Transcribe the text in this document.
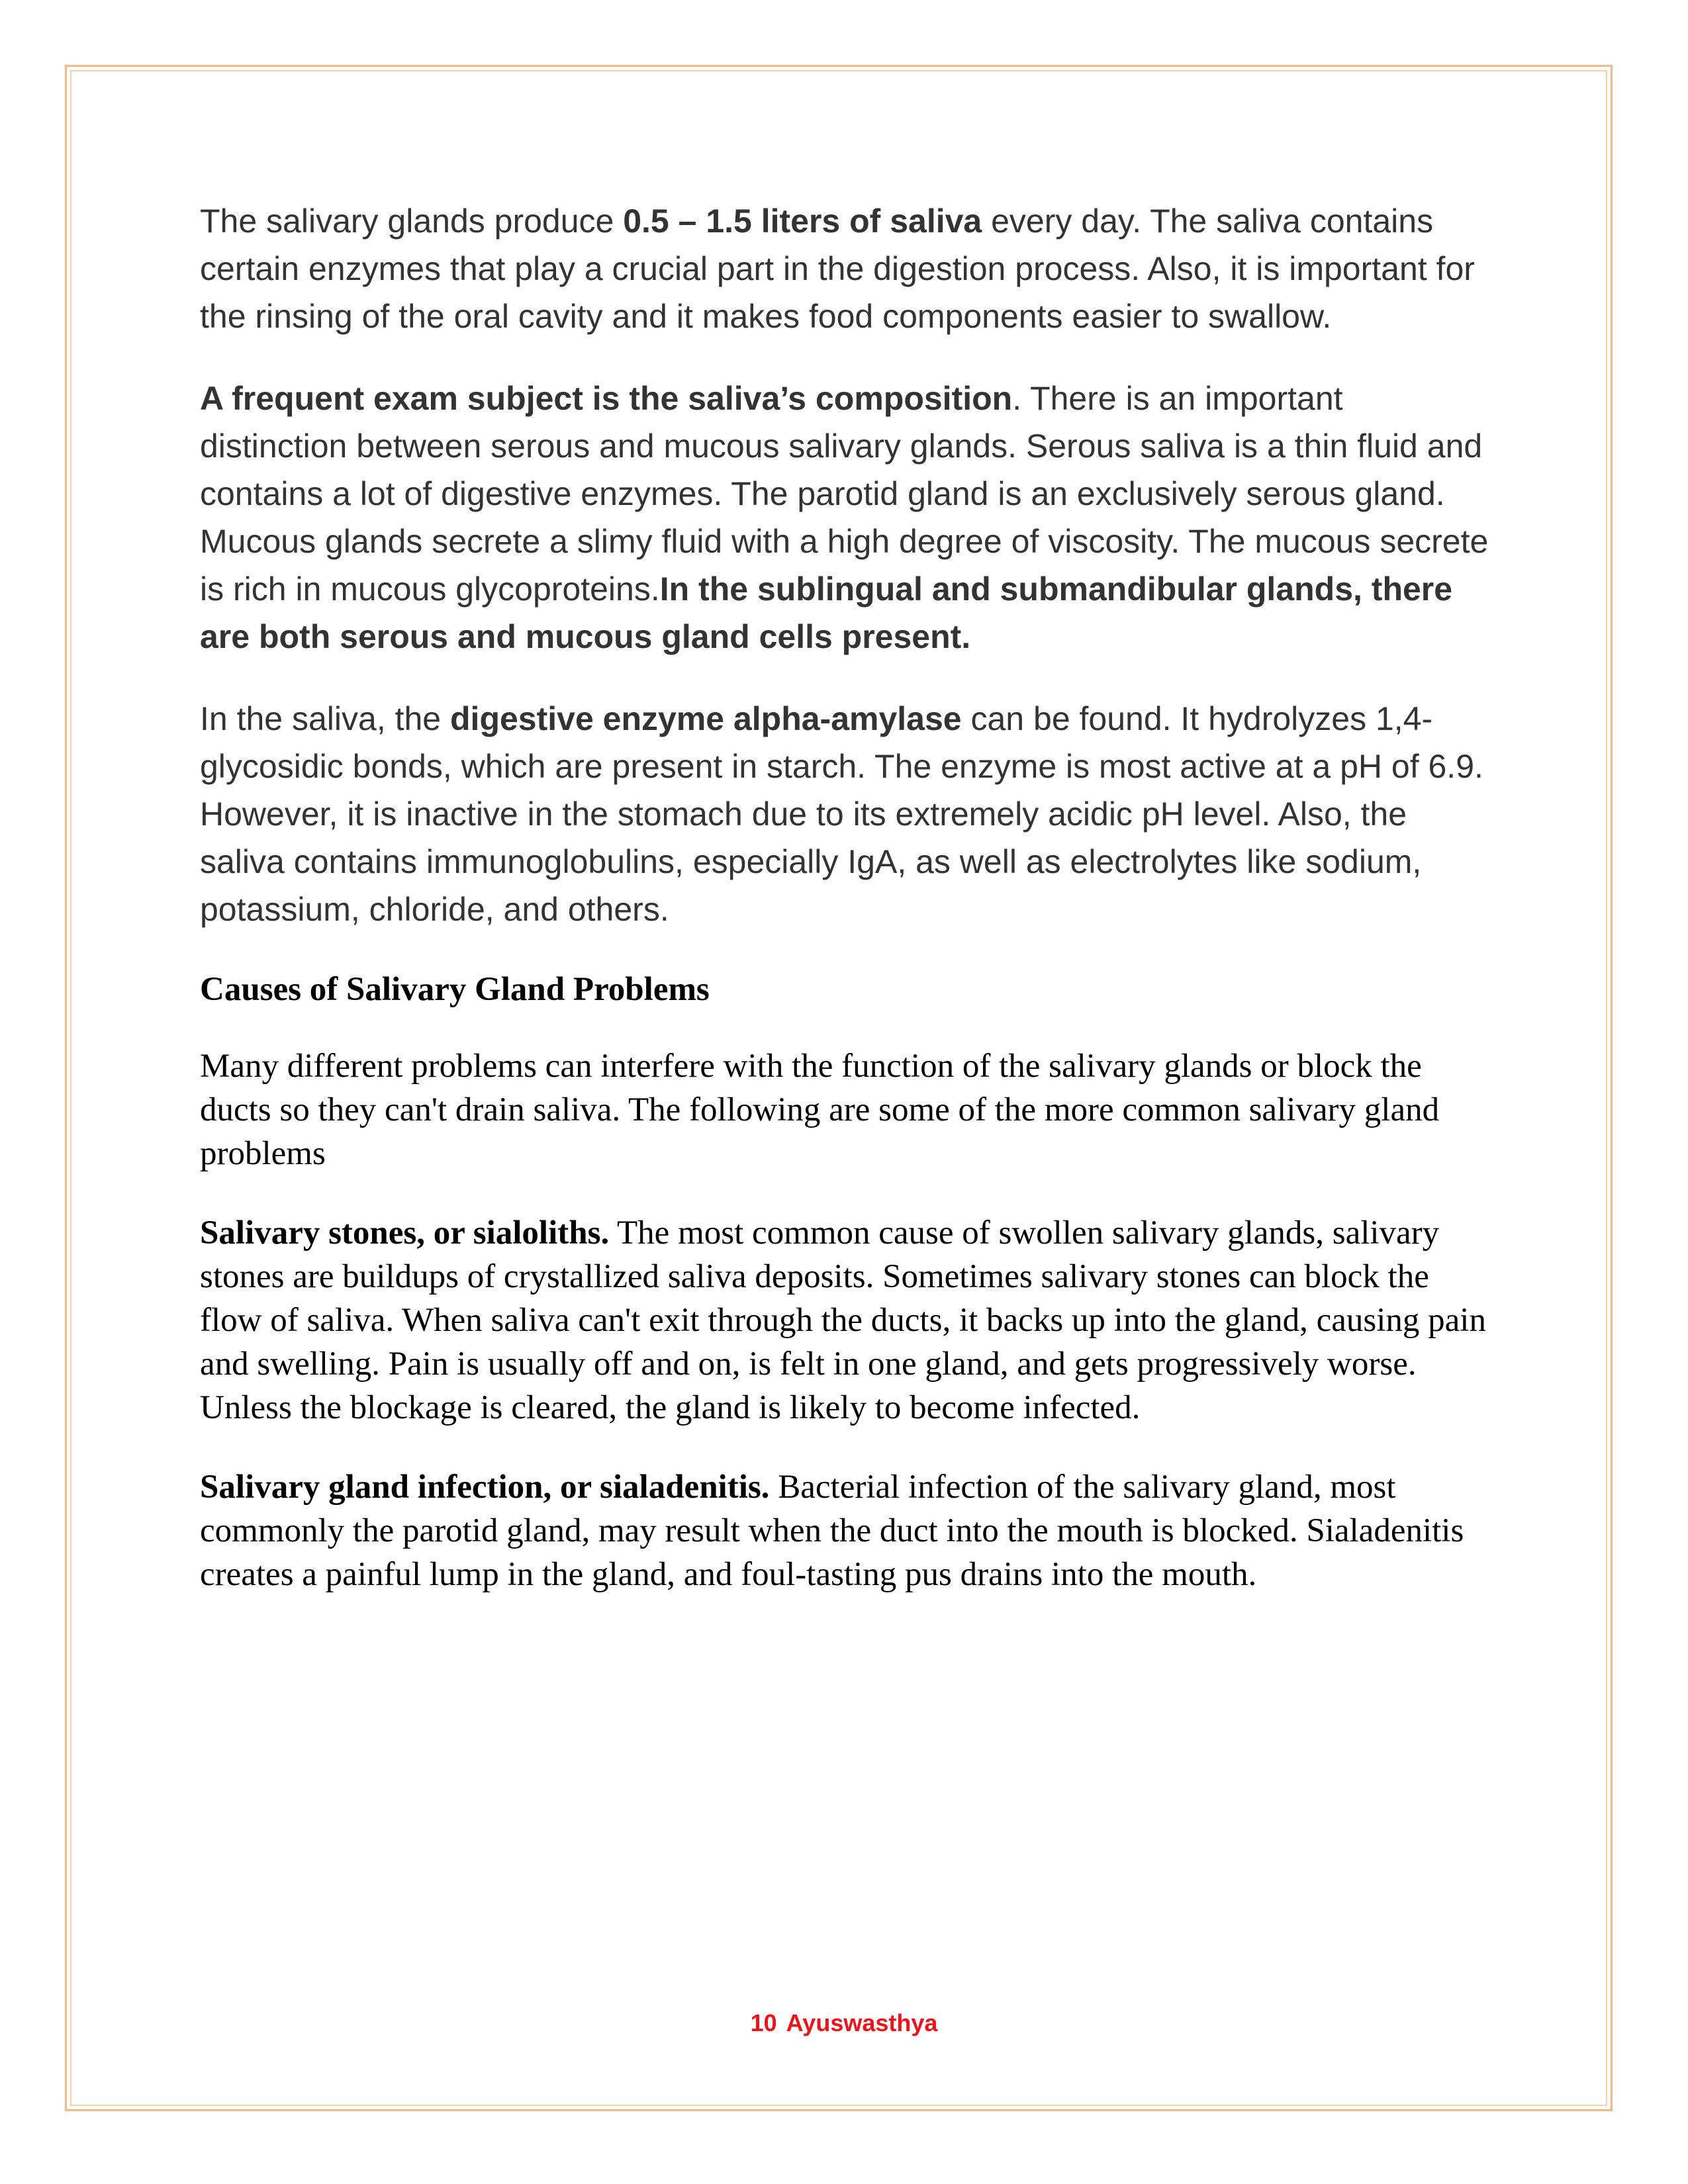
The salivary glands produce 0.5 – 1.5 liters of saliva every day. The saliva contains certain enzymes that play a crucial part in the digestion process. Also, it is important for the rinsing of the oral cavity and it makes food components easier to swallow.

A frequent exam subject is the saliva’s composition. There is an important distinction between serous and mucous salivary glands. Serous saliva is a thin fluid and contains a lot of digestive enzymes. The parotid gland is an exclusively serous gland. Mucous glands secrete a slimy fluid with a high degree of viscosity. The mucous secrete is rich in mucous glycoproteins.In the sublingual and submandibular glands, there are both serous and mucous gland cells present.

In the saliva, the digestive enzyme alpha-amylase can be found. It hydrolyzes 1,4- glycosidic bonds, which are present in starch. The enzyme is most active at a pH of 6.9. However, it is inactive in the stomach due to its extremely acidic pH level. Also, the saliva contains immunoglobulins, especially IgA, as well as electrolytes like sodium, potassium, chloride, and others.

Causes of Salivary Gland Problems

Many different problems can interfere with the function of the salivary glands or block the ducts so they can't drain saliva. The following are some of the more common salivary gland problems

Salivary stones, or sialoliths. The most common cause of swollen salivary glands, salivary stones are buildups of crystallized saliva deposits. Sometimes salivary stones can block the flow of saliva. When saliva can't exit through the ducts, it backs up into the gland, causing pain and swelling. Pain is usually off and on, is felt in one gland, and gets progressively worse. Unless the blockage is cleared, the gland is likely to become infected.

Salivary gland infection, or sialadenitis. Bacterial infection of the salivary gland, most commonly the parotid gland, may result when the duct into the mouth is blocked. Sialadenitis creates a painful lump in the gland, and foul-tasting pus drains into the mouth.

10 Ayuswasthya
